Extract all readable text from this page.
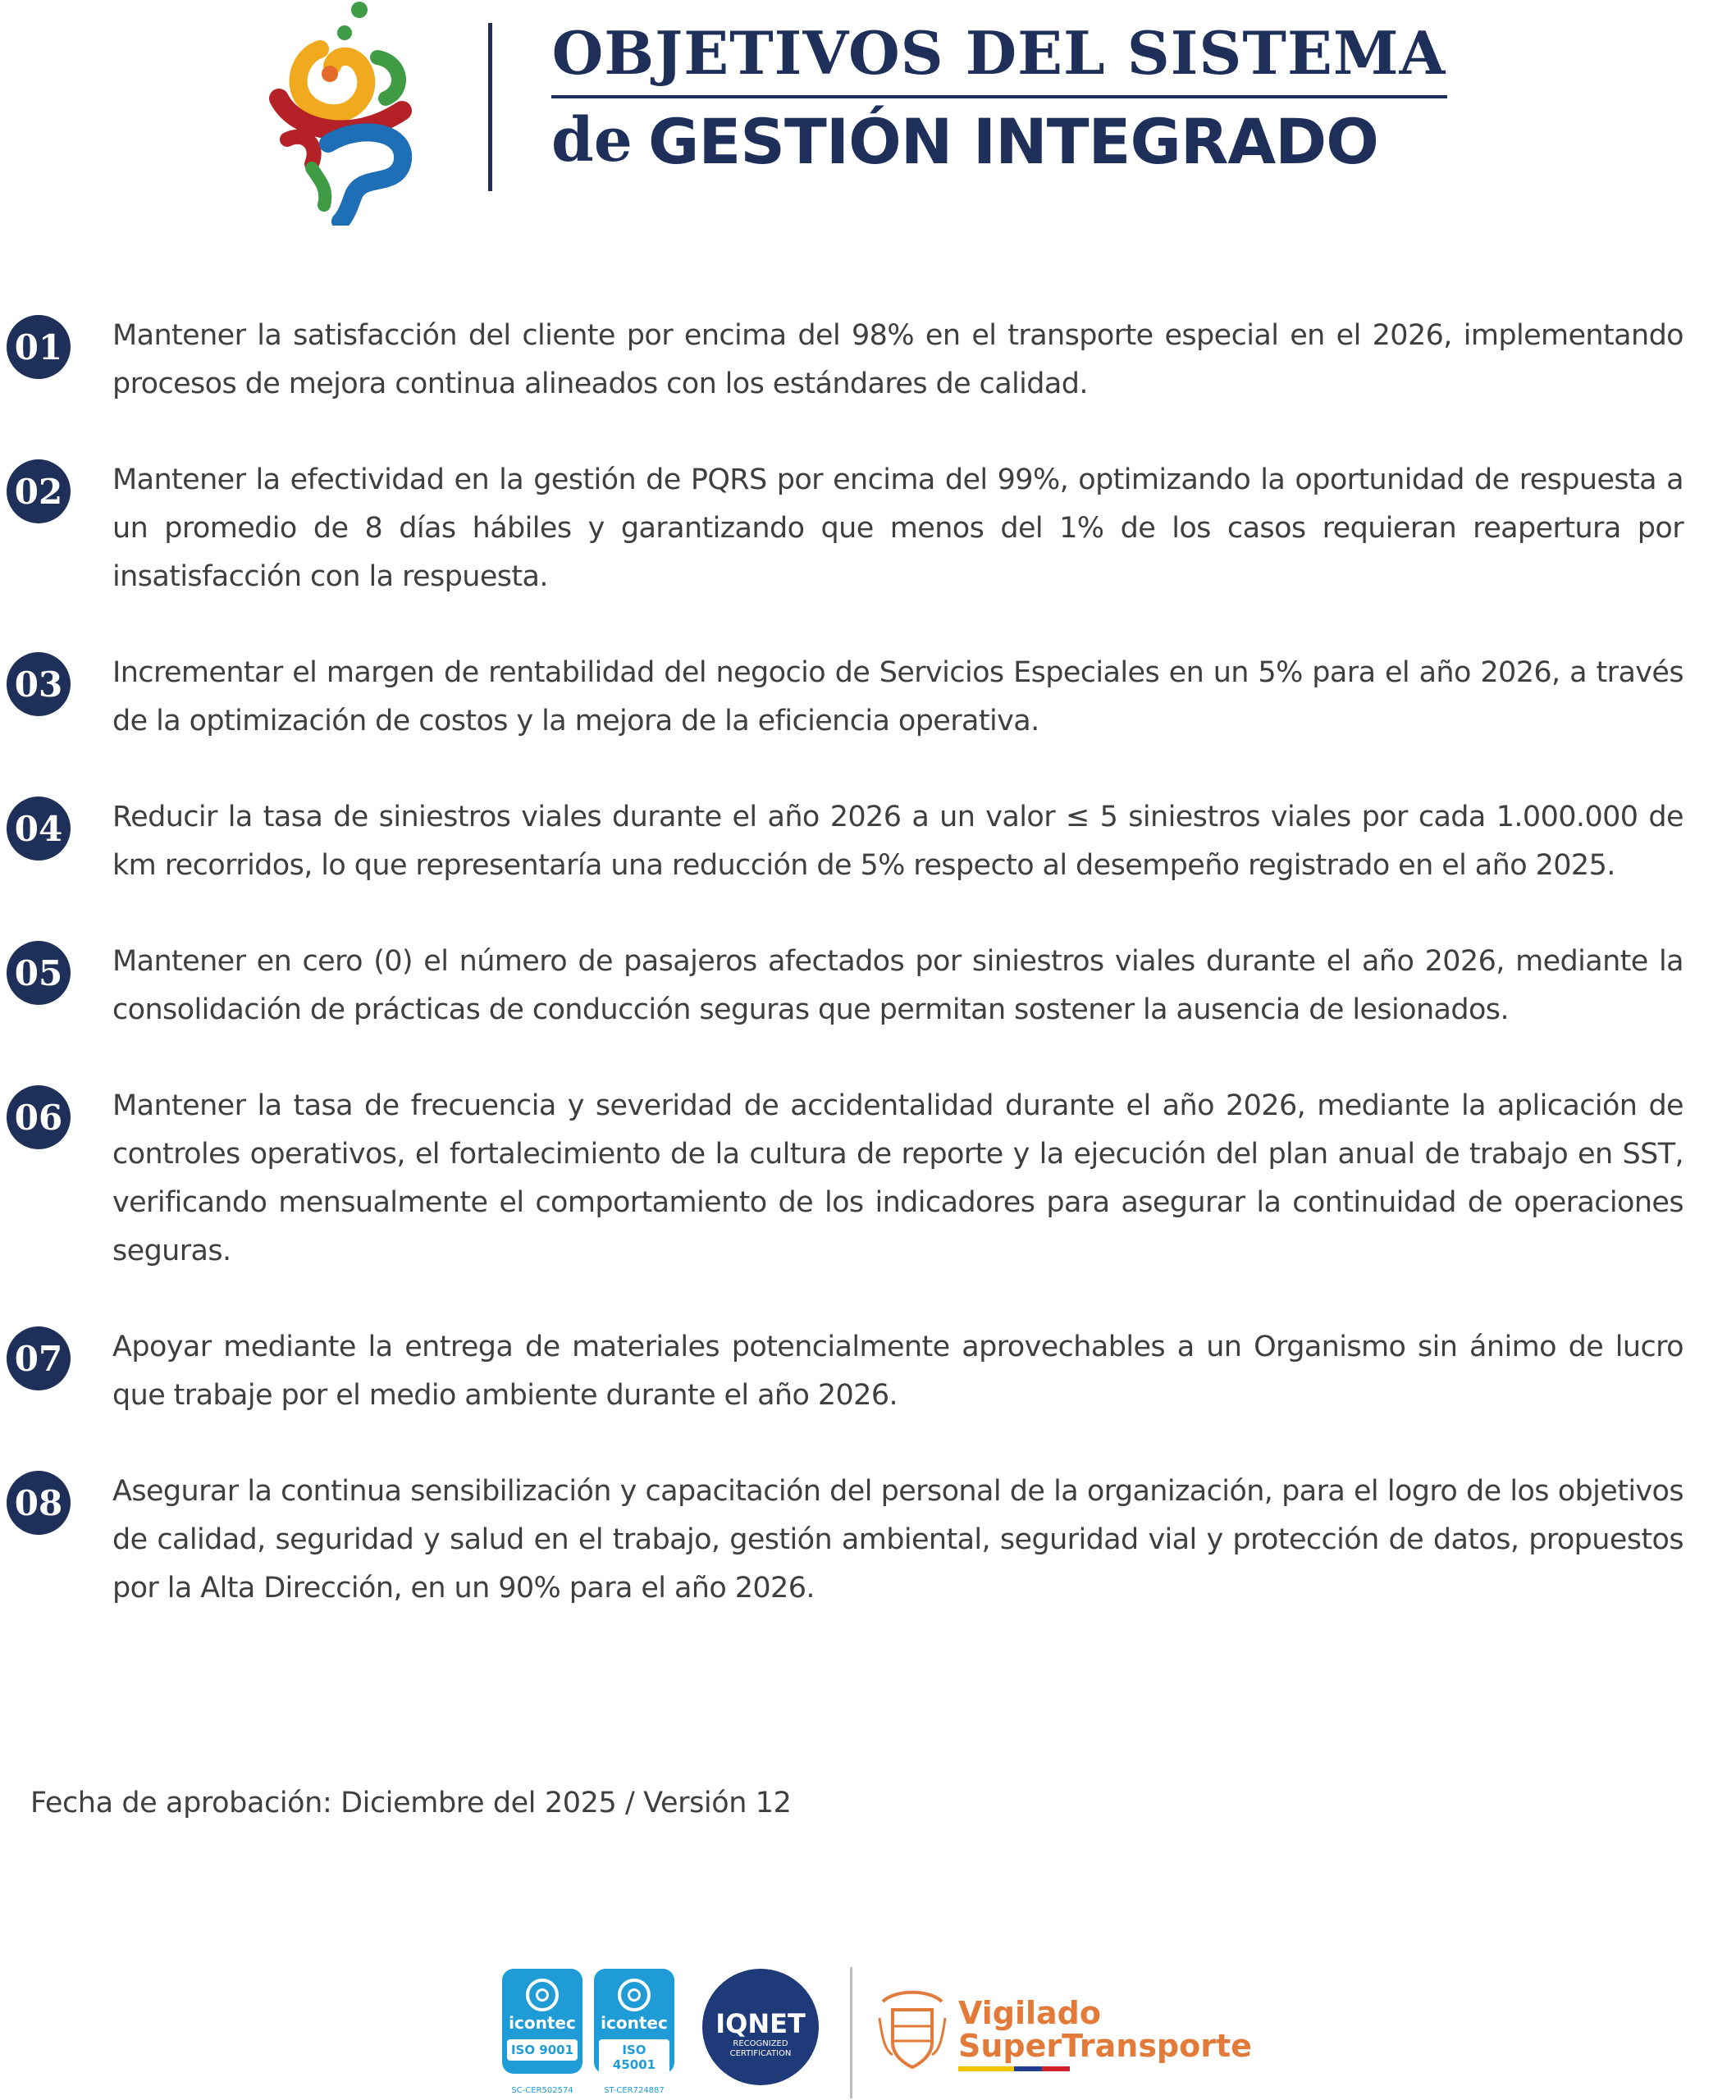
OBJETIVOS DEL SISTEMA
de GESTIÓN INTEGRADO
01 Mantener la satisfacción del cliente por encima del 98% en el transporte especial en el 2026, implementando procesos de mejora continua alineados con los estándares de calidad.
02 Mantener la efectividad en la gestión de PQRS por encima del 99%, optimizando la oportunidad de respuesta a un promedio de 8 días hábiles y garantizando que menos del 1% de los casos requieran reapertura por insatisfacción con la respuesta.
03 Incrementar el margen de rentabilidad del negocio de Servicios Especiales en un 5% para el año 2026, a través de la optimización de costos y la mejora de la eficiencia operativa.
04 Reducir la tasa de siniestros viales durante el año 2026 a un valor ≤ 5 siniestros viales por cada 1.000.000 de km recorridos, lo que representaría una reducción de 5% respecto al desempeño registrado en el año 2025.
05 Mantener en cero (0) el número de pasajeros afectados por siniestros viales durante el año 2026, mediante la consolidación de prácticas de conducción seguras que permitan sostener la ausencia de lesionados.
06 Mantener la tasa de frecuencia y severidad de accidentalidad durante el año 2026, mediante la aplicación de controles operativos, el fortalecimiento de la cultura de reporte y la ejecución del plan anual de trabajo en SST, verificando mensualmente el comportamiento de los indicadores para asegurar la continuidad de operaciones seguras.
07 Apoyar mediante la entrega de materiales potencialmente aprovechables a un Organismo sin ánimo de lucro que trabaje por el medio ambiente durante el año 2026.
08 Asegurar la continua sensibilización y capacitación del personal de la organización, para el logro de los objetivos de calidad, seguridad y salud en el trabajo, gestión ambiental, seguridad vial y protección de datos, propuestos por la Alta Dirección, en un 90% para el año 2026.
Fecha de aprobación: Diciembre del 2025 / Versión 12
icontec
ISO 9001
SC-CER502574
icontec
ISO 45001
ST-CER724887
IQNET
RECOGNIZED
CERTIFICATION
Vigilado
SuperTransporte
